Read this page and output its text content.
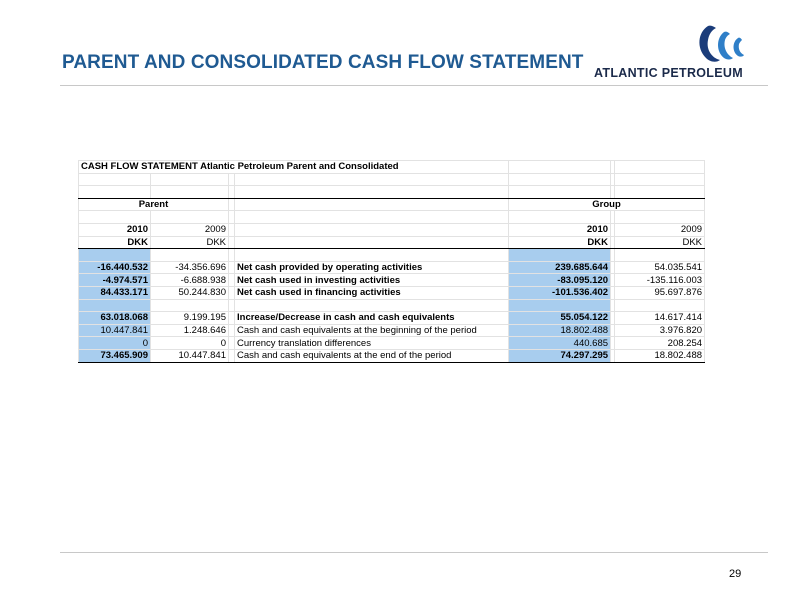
PARENT AND CONSOLIDATED CASH FLOW STATEMENT ATLANTIC PETROLEUM
CASH FLOW STATEMENT Atlantic Petroleum Parent and Consolidated						

Parent				Group		

2010	2009			2010		2009
DKK	DKK			DKK		DKK

-16.440.532	-34.356.696		Net cash provided by operating activities	239.685.644		54.035.541
-4.974.571	-6.688.938		Net cash used in investing activities	-83.095.120		-135.116.003
84.433.171	50.244.830		Net cash used in financing activities	-101.536.402		95.697.876

63.018.068	9.199.195		Increase/Decrease in cash and cash equivalents	55.054.122		14.617.414
10.447.841	1.248.646		Cash and cash equivalents at the beginning of the period	18.802.488		3.976.820
0	0		Currency translation differences	440.685		208.254
73.465.909	10.447.841		Cash and cash equivalents at the end of the period	74.297.295		18.802.488
29
